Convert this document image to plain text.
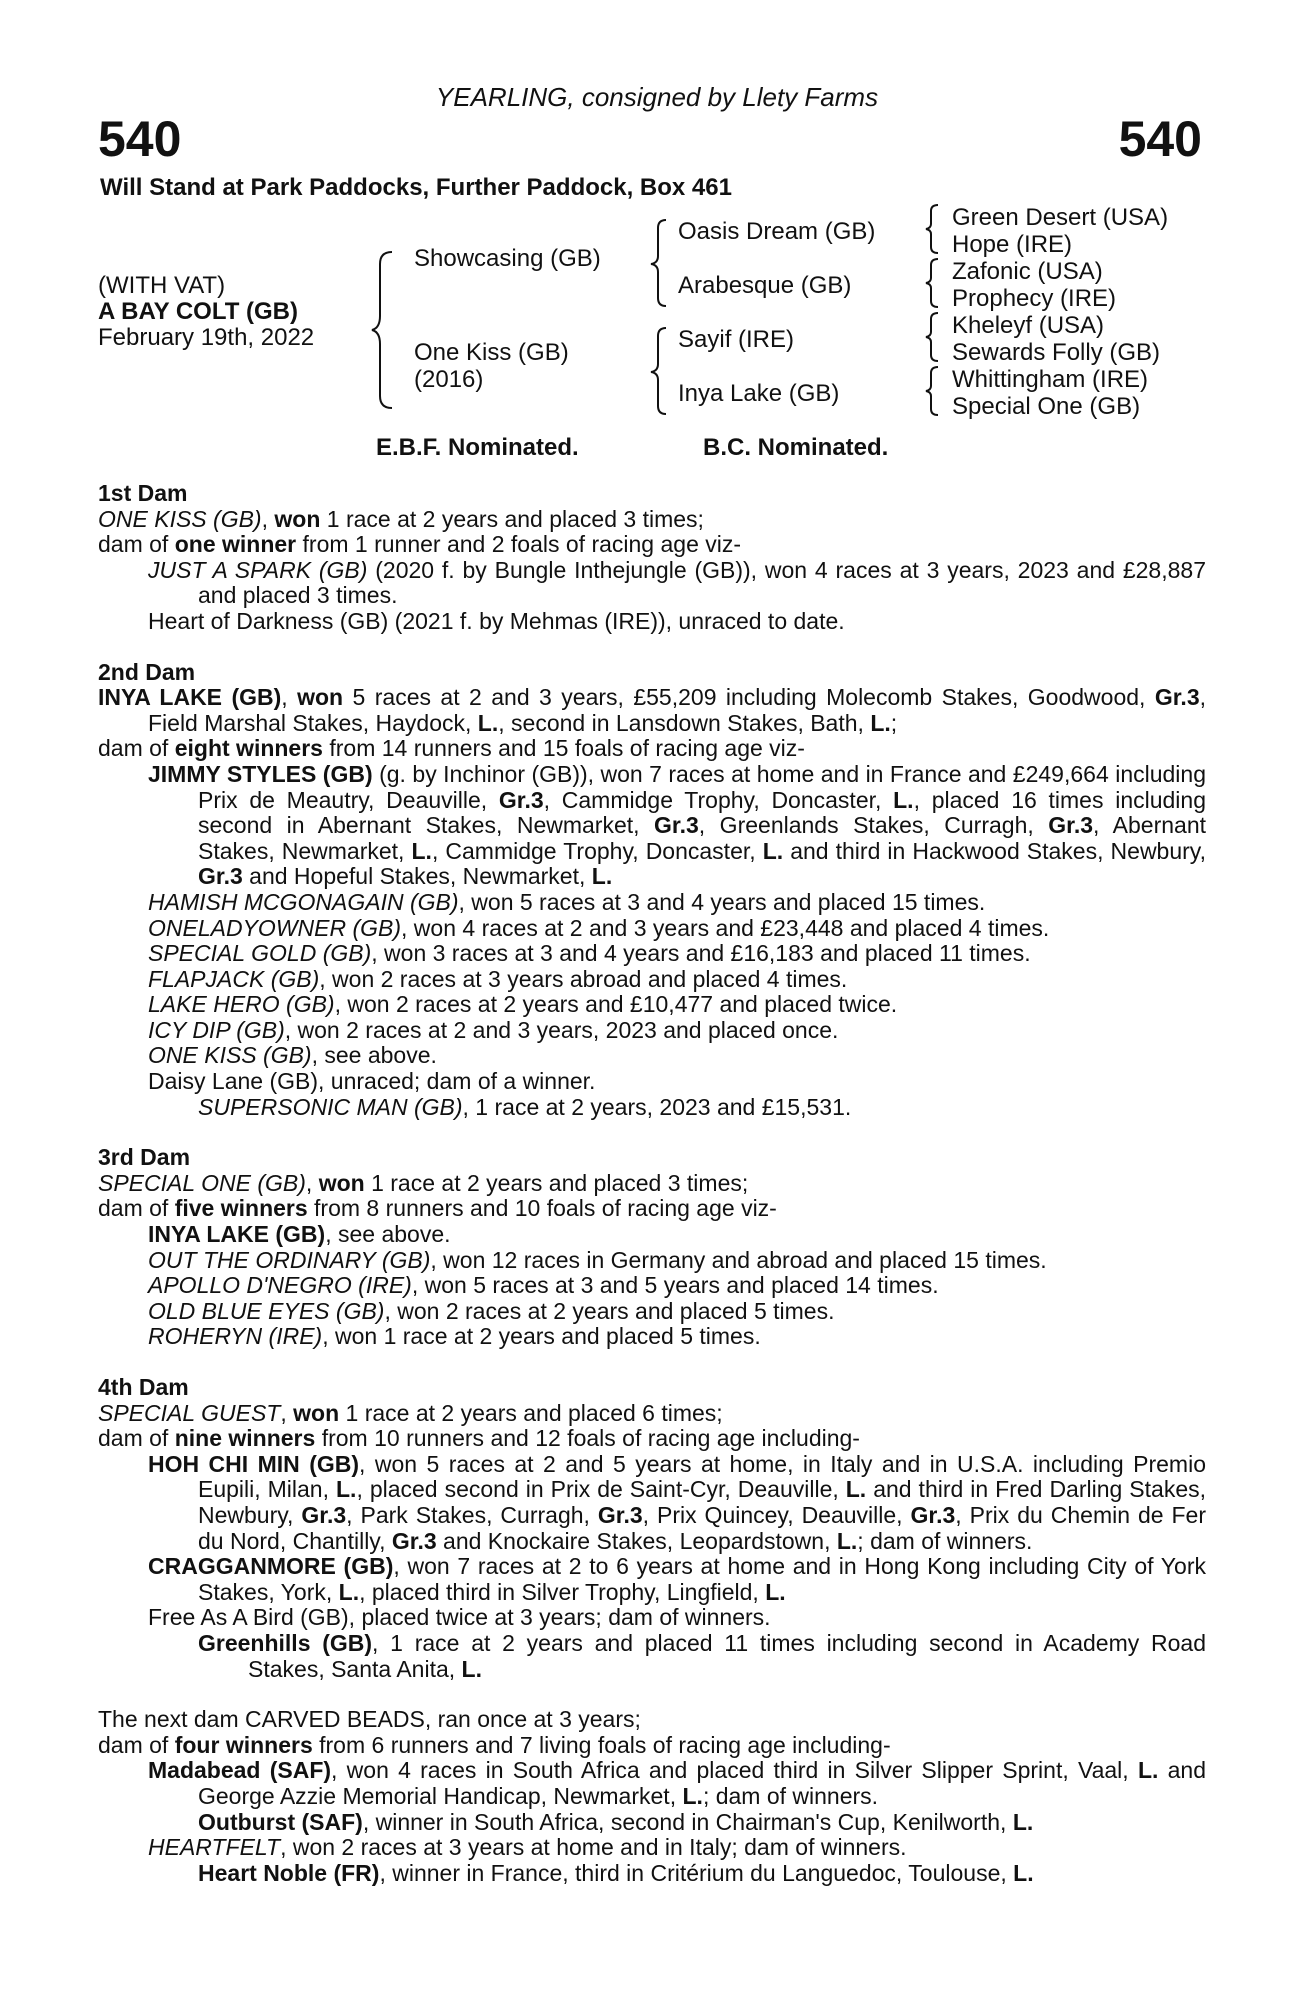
YEARLING, consigned by Llety Farms
540	540
Will Stand at Park Paddocks, Further Paddock, Box 461
(WITH VAT)
A BAY COLT (GB)
February 19th, 2022
Showcasing (GB)
One Kiss (GB)
(2016)
Oasis Dream (GB)
Arabesque (GB)
Sayif (IRE)
Inya Lake (GB)
Green Desert (USA)
Hope (IRE)
Zafonic (USA)
Prophecy (IRE)
Kheleyf (USA)
Sewards Folly (GB)
Whittingham (IRE)
Special One (GB)
E.B.F. Nominated.	B.C. Nominated.
1st Dam
ONE KISS (GB), won 1 race at 2 years and placed 3 times;
dam of one winner from 1 runner and 2 foals of racing age viz-
JUST A SPARK (GB) (2020 f. by Bungle Inthejungle (GB)), won 4 races at 3 years, 2023 and £28,887 and placed 3 times.
Heart of Darkness (GB) (2021 f. by Mehmas (IRE)), unraced to date.
2nd Dam
INYA LAKE (GB), won 5 races at 2 and 3 years, £55,209 including Molecomb Stakes, Goodwood, Gr.3, Field Marshal Stakes, Haydock, L., second in Lansdown Stakes, Bath, L.;
dam of eight winners from 14 runners and 15 foals of racing age viz-
JIMMY STYLES (GB) (g. by Inchinor (GB)), won 7 races at home and in France and £249,664 including Prix de Meautry, Deauville, Gr.3, Cammidge Trophy, Doncaster, L., placed 16 times including second in Abernant Stakes, Newmarket, Gr.3, Greenlands Stakes, Curragh, Gr.3, Abernant Stakes, Newmarket, L., Cammidge Trophy, Doncaster, L. and third in Hackwood Stakes, Newbury, Gr.3 and Hopeful Stakes, Newmarket, L.
HAMISH MCGONAGAIN (GB), won 5 races at 3 and 4 years and placed 15 times.
ONELADYOWNER (GB), won 4 races at 2 and 3 years and £23,448 and placed 4 times.
SPECIAL GOLD (GB), won 3 races at 3 and 4 years and £16,183 and placed 11 times.
FLAPJACK (GB), won 2 races at 3 years abroad and placed 4 times.
LAKE HERO (GB), won 2 races at 2 years and £10,477 and placed twice.
ICY DIP (GB), won 2 races at 2 and 3 years, 2023 and placed once.
ONE KISS (GB), see above.
Daisy Lane (GB), unraced; dam of a winner.
SUPERSONIC MAN (GB), 1 race at 2 years, 2023 and £15,531.
3rd Dam
SPECIAL ONE (GB), won 1 race at 2 years and placed 3 times;
dam of five winners from 8 runners and 10 foals of racing age viz-
INYA LAKE (GB), see above.
OUT THE ORDINARY (GB), won 12 races in Germany and abroad and placed 15 times.
APOLLO D'NEGRO (IRE), won 5 races at 3 and 5 years and placed 14 times.
OLD BLUE EYES (GB), won 2 races at 2 years and placed 5 times.
ROHERYN (IRE), won 1 race at 2 years and placed 5 times.
4th Dam
SPECIAL GUEST, won 1 race at 2 years and placed 6 times;
dam of nine winners from 10 runners and 12 foals of racing age including-
HOH CHI MIN (GB), won 5 races at 2 and 5 years at home, in Italy and in U.S.A. including Premio Eupili, Milan, L., placed second in Prix de Saint-Cyr, Deauville, L. and third in Fred Darling Stakes, Newbury, Gr.3, Park Stakes, Curragh, Gr.3, Prix Quincey, Deauville, Gr.3, Prix du Chemin de Fer du Nord, Chantilly, Gr.3 and Knockaire Stakes, Leopardstown, L.; dam of winners.
CRAGGANMORE (GB), won 7 races at 2 to 6 years at home and in Hong Kong including City of York Stakes, York, L., placed third in Silver Trophy, Lingfield, L.
Free As A Bird (GB), placed twice at 3 years; dam of winners.
Greenhills (GB), 1 race at 2 years and placed 11 times including second in Academy Road Stakes, Santa Anita, L.
The next dam CARVED BEADS, ran once at 3 years;
dam of four winners from 6 runners and 7 living foals of racing age including-
Madabead (SAF), won 4 races in South Africa and placed third in Silver Slipper Sprint, Vaal, L. and George Azzie Memorial Handicap, Newmarket, L.; dam of winners.
Outburst (SAF), winner in South Africa, second in Chairman's Cup, Kenilworth, L.
HEARTFELT, won 2 races at 3 years at home and in Italy; dam of winners.
Heart Noble (FR), winner in France, third in Critérium du Languedoc, Toulouse, L.
